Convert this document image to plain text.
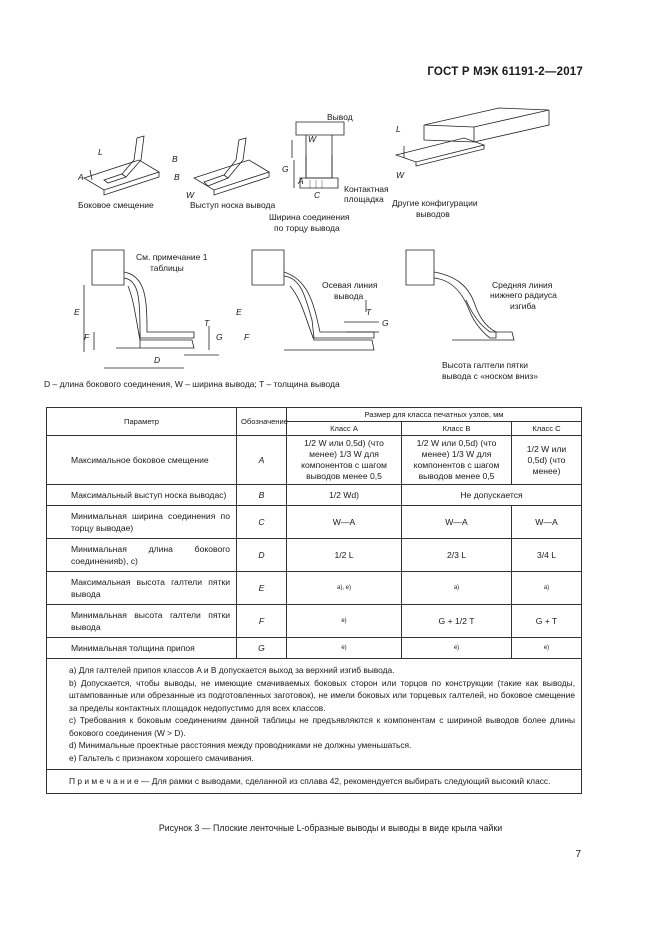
ГОСТ Р МЭК 61191-2—2017
Боковое смещение	Выступ носка вывода
Вывод
Контактная
площадка
Ширина соединения
по торцу вывода
Другие конфигурации
выводов
См. примечание 1
таблицы
Осевая линия
вывода
Средняя линия
нижнего радиуса
изгиба
Высота галтели пятки
вывода с «носком вниз»
D – длина бокового соединения, W – ширина вывода; T – толщина вывода
L
A
B
B
W
W
G
A
C
L
W
E
F
T
G
D
E
F
T
G
Параметр	Обозначение	Размер для класса печатных узлов, мм		
		Класс A	Класс B	Класс C
Максимальное боковое смещение	A	1/2 W или 0,5d) (что менее) 1/3 W для компонентов с шагом выводов менее 0,5	1/2 W или 0,5d) (что менее) 1/3 W для компонентов с шагом выводов менее 0,5	1/2 W или 0,5d) (что менее)
Максимальный выступ носка выводаc)	B	1/2 Wd)	Не допускается	
Минимальная ширина соединения по торцу выводаe)	C	W—A	W—A	W—A
Минимальная длина бокового соединенияb), c)	D	1/2 L	2/3 L	3/4 L
Максимальная высота галтели пятки вывода	E	a), e)	a)	a)
Минимальная высота галтели пятки вывода	F	e)	G + 1/2 T	G + T
Минимальная толщина припоя	G	e)	e)	e)

a) Для галтелей припоя классов A и B допускается выход за верхний изгиб вывода.
b) Допускается, чтобы выводы, не имеющие смачиваемых боковых сторон или торцов по конструкции (такие как выводы, штампованные или обрезанные из подготовленных заготовок), не имели боковых или торцевых галтелей, но боковое смещение за пределы контактных площадок недопустимо для всех классов.
c) Требования к боковым соединениям данной таблицы не предъявляются к компонентам с шириной выводов более длины бокового соединения (W > D).
d) Минимальные проектные расстояния между проводниками не должны уменьшаться.
e) Гальтель с признаком хорошего смачивания.				

П р и м е ч а н и е — Для рамки с выводами, сделанной из сплава 42, рекомендуется выбирать следующий высокий класс.				
Рисунок 3 — Плоские ленточные L-образные выводы и выводы в виде крыла чайки
7
